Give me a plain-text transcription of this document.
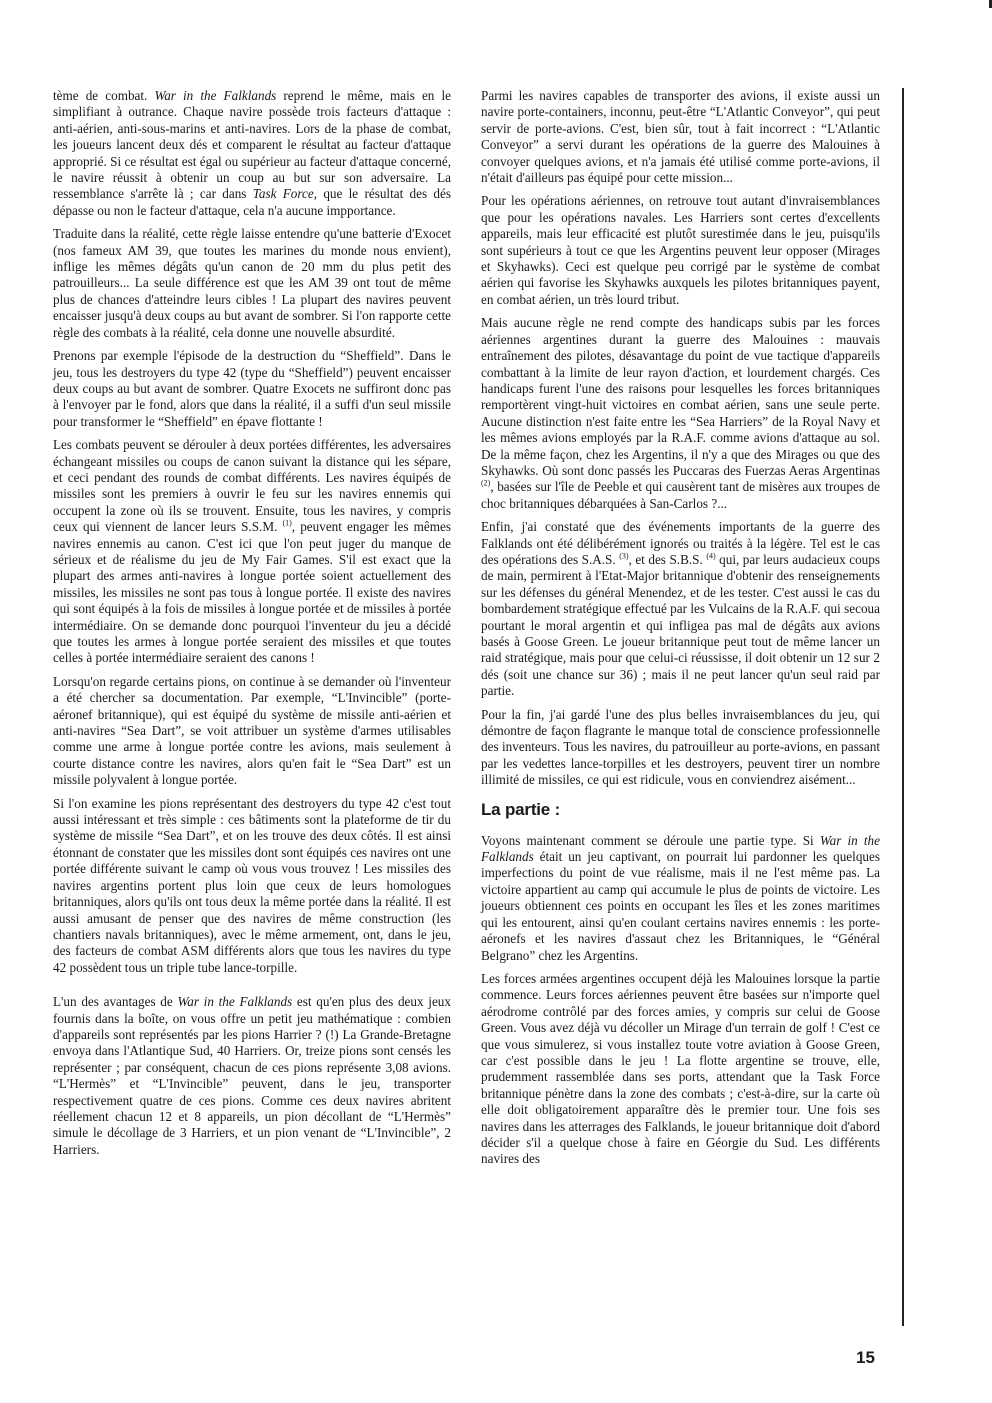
tème de combat. War in the Falklands reprend le même, mais en le simplifiant à outrance. Chaque navire possède trois facteurs d'attaque : anti-aérien, anti-sous-marins et anti-navires. Lors de la phase de combat, les joueurs lancent deux dés et comparent le résultat au facteur d'attaque approprié. Si ce résultat est égal ou supérieur au facteur d'attaque concerné, le navire réussit à obtenir un coup au but sur son adversaire. La ressemblance s'arrête là ; car dans Task Force, que le résultat des dés dépasse ou non le facteur d'attaque, cela n'a aucune impportance.

Traduite dans la réalité, cette règle laisse entendre qu'une batterie d'Exocet (nos fameux AM 39, que toutes les marines du monde nous envient), inflige les mêmes dégâts qu'un canon de 20 mm du plus petit des patrouilleurs... La seule différence est que les AM 39 ont tout de même plus de chances d'atteindre leurs cibles ! La plupart des navires peuvent encaisser jusqu'à deux coups au but avant de sombrer. Si l'on rapporte cette règle des combats à la réalité, cela donne une nouvelle absurdité.

Prenons par exemple l'épisode de la destruction du “Sheffield”. Dans le jeu, tous les destroyers du type 42 (type du “Sheffield”) peuvent encaisser deux coups au but avant de sombrer. Quatre Exocets ne suffiront donc pas à l'envoyer par le fond, alors que dans la réalité, il a suffi d'un seul missile pour transformer le “Sheffield” en épave flottante !

Les combats peuvent se dérouler à deux portées différentes, les adversaires échangeant missiles ou coups de canon suivant la distance qui les sépare, et ceci pendant des rounds de combat différents. Les navires équipés de missiles sont les premiers à ouvrir le feu sur les navires ennemis qui occupent la zone où ils se trouvent. Ensuite, tous les navires, y compris ceux qui viennent de lancer leurs S.S.M. $^{(1)}$, peuvent engager les mêmes navires ennemis au canon. C'est ici que l'on peut juger du manque de sérieux et de réalisme du jeu de My Fair Games. S'il est exact que la plupart des armes anti-navires à longue portée soient actuellement des missiles, les missiles ne sont pas tous à longue portée. Il existe des navires qui sont équipés à la fois de missiles à longue portée et de missiles à portée intermédiaire. On se demande donc pourquoi l'inventeur du jeu a décidé que toutes les armes à longue portée seraient des missiles et que toutes celles à portée intermédiaire seraient des canons !

Lorsqu'on regarde certains pions, on continue à se demander où l'inventeur a été chercher sa documentation. Par exemple, “L'Invincible” (porte-aéronef britannique), qui est équipé du système de missile anti-aérien et anti-navires “Sea Dart”, se voit attribuer un système d'armes utilisables comme une arme à longue portée contre les avions, mais seulement à courte distance contre les navires, alors qu'en fait le “Sea Dart” est un missile polyvalent à longue portée.

Si l'on examine les pions représentant des destroyers du type 42 c'est tout aussi intéressant et très simple : ces bâtiments sont la plateforme de tir du système de missile “Sea Dart”, et on les trouve des deux côtés. Il est ainsi étonnant de constater que les missiles dont sont équipés ces navires ont une portée différente suivant le camp où vous vous trouvez ! Les missiles des navires argentins portent plus loin que ceux de leurs homologues britanniques, alors qu'ils ont tous deux la même portée dans la réalité. Il est aussi amusant de penser que des navires de même construction (les chantiers navals britanniques), avec le même armement, ont, dans le jeu, des facteurs de combat ASM différents alors que tous les navires du type 42 possèdent tous un triple tube lance-torpille.

L'un des avantages de War in the Falklands est qu'en plus des deux jeux fournis dans la boîte, on vous offre un petit jeu mathématique : combien d'appareils sont représentés par les pions Harrier ? (!) La Grande-Bretagne envoya dans l'Atlantique Sud, 40 Harriers. Or, treize pions sont censés les représenter ; par conséquent, chacun de ces pions représente 3,08 avions. “L'Hermès” et “L'Invincible” peuvent, dans le jeu, transporter respectivement quatre de ces pions. Comme ces deux navires abritent réellement chacun 12 et 8 appareils, un pion décollant de “L'Hermès” simule le décollage de 3 Harriers, et un pion venant de “L'Invincible”, 2 Harriers.

Parmi les navires capables de transporter des avions, il existe aussi un navire porte-containers, inconnu, peut-être “L'Atlantic Conveyor”, qui peut servir de porte-avions. C'est, bien sûr, tout à fait incorrect : “L'Atlantic Conveyor” a servi durant les opérations de la guerre des Malouines à convoyer quelques avions, et n'a jamais été utilisé comme porte-avions, il n'était d'ailleurs pas équipé pour cette mission...

Pour les opérations aériennes, on retrouve tout autant d'invraisemblances que pour les opérations navales. Les Harriers sont certes d'excellents appareils, mais leur efficacité est plutôt surestimée dans le jeu, puisqu'ils sont supérieurs à tout ce que les Argentins peuvent leur opposer (Mirages et Skyhawks). Ceci est quelque peu corrigé par le système de combat aérien qui favorise les Skyhawks auxquels les pilotes britanniques payent, en combat aérien, un très lourd tribut.

Mais aucune règle ne rend compte des handicaps subis par les forces aériennes argentines durant la guerre des Malouines : mauvais entraînement des pilotes, désavantage du point de vue tactique d'appareils combattant à la limite de leur rayon d'action, et lourdement chargés. Ces handicaps furent l'une des raisons pour lesquelles les forces britanniques remportèrent vingt-huit victoires en combat aérien, sans une seule perte. Aucune distinction n'est faite entre les “Sea Harriers” de la Royal Navy et les mêmes avions employés par la R.A.F. comme avions d'attaque au sol. De la même façon, chez les Argentins, il n'y a que des Mirages ou que des Skyhawks. Où sont donc passés les Puccaras des Fuerzas Aeras Argentinas $^{(2)}$, basées sur l'île de Peeble et qui causèrent tant de misères aux troupes de choc britanniques débarquées à San-Carlos ?...

Enfin, j'ai constaté que des événements importants de la guerre des Falklands ont été délibérément ignorés ou traités à la légère. Tel est le cas des opérations des S.A.S. $^{(3)}$, et des S.B.S. $^{(4)}$ qui, par leurs audacieux coups de main, permirent à l'Etat-Major britannique d'obtenir des renseignements sur les défenses du général Menendez, et de les tester. C'est aussi le cas du bombardement stratégique effectué par les Vulcains de la R.A.F. qui secoua pourtant le moral argentin et qui infligea pas mal de dégâts aux avions basés à Goose Green. Le joueur britannique peut tout de même lancer un raid stratégique, mais pour que celui-ci réussisse, il doit obtenir un 12 sur 2 dés (soit une chance sur 36) ; mais il ne peut lancer qu'un seul raid par partie.

Pour la fin, j'ai gardé l'une des plus belles invraisemblances du jeu, qui démontre de façon flagrante le manque total de conscience professionnelle des inventeurs. Tous les navires, du patrouilleur au porte-avions, en passant par les vedettes lance-torpilles et les destroyers, peuvent tirer un nombre illimité de missiles, ce qui est ridicule, vous en conviendrez aisément...

La partie :

Voyons maintenant comment se déroule une partie type. Si War in the Falklands était un jeu captivant, on pourrait lui pardonner les quelques imperfections du point de vue réalisme, mais il ne l'est même pas. La victoire appartient au camp qui accumule le plus de points de victoire. Les joueurs obtiennent ces points en occupant les îles et les zones maritimes qui les entourent, ainsi qu'en coulant certains navires ennemis : les porte-aéronefs et les navires d'assaut chez les Britanniques, le “Général Belgrano” chez les Argentins.

Les forces armées argentines occupent déjà les Malouines lorsque la partie commence. Leurs forces aériennes peuvent être basées sur n'importe quel aérodrome contrôlé par des forces amies, y compris sur celui de Goose Green. Vous avez déjà vu décoller un Mirage d'un terrain de golf ! C'est ce que vous simulerez, si vous installez toute votre aviation à Goose Green, car c'est possible dans le jeu ! La flotte argentine se trouve, elle, prudemment rassemblée dans ses ports, attendant que la Task Force britannique pénètre dans la zone des combats ; c'est-à-dire, sur la carte où elle doit obligatoirement apparaître dès le premier tour. Une fois ses navires dans les atterrages des Falklands, le joueur britannique doit d'abord décider s'il a quelque chose à faire en Géorgie du Sud. Les différents navires des

15
